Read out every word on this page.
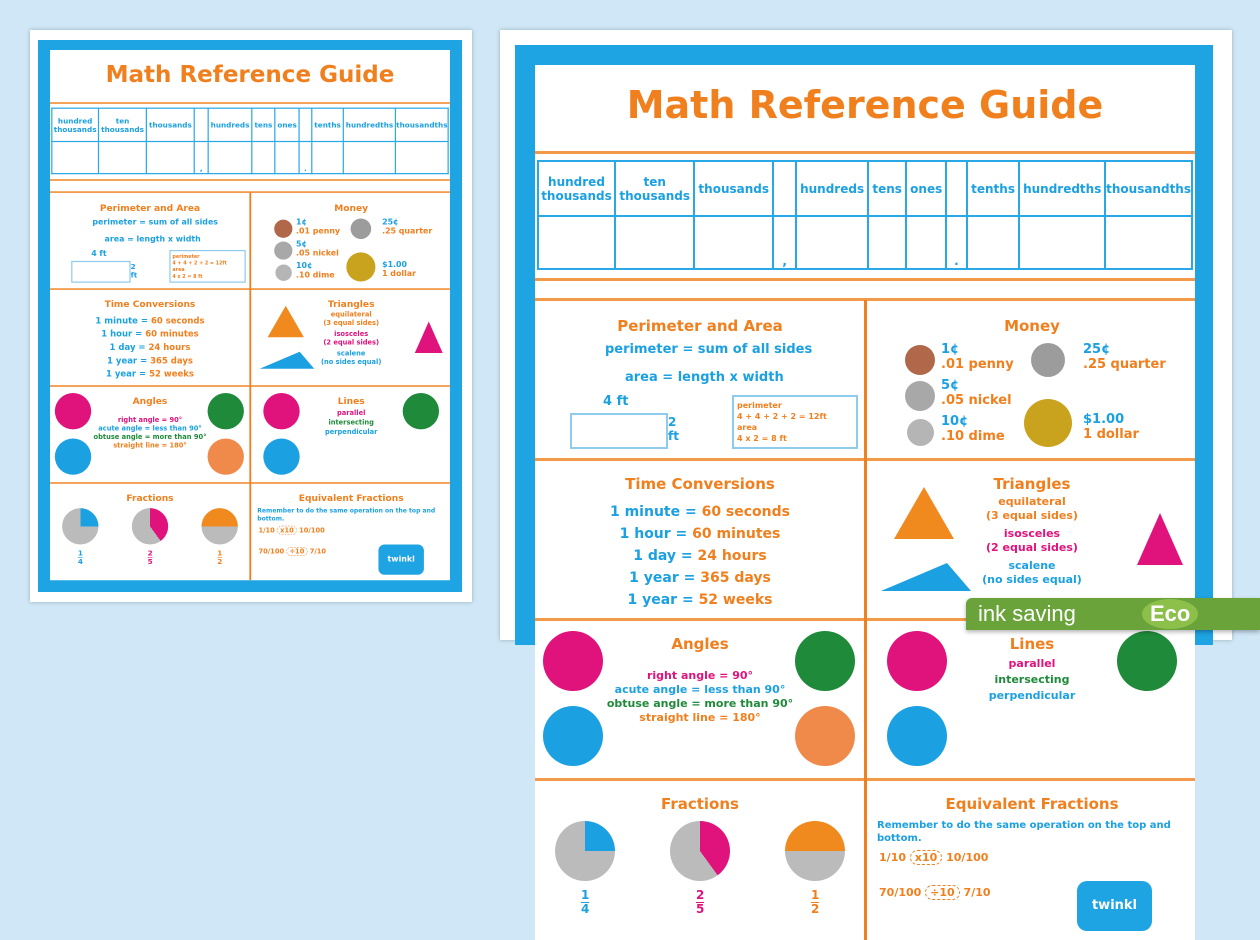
Math Reference Guide
hundred thousands	ten thousands	thousands		hundreds	tens	ones		tenths	hundredths	thousandths
			,				.			
Perimeter and Area
perimeter = sum of all sides
area = length x width
4 ft
2 ft
perimeter
4 + 4 + 2 + 2 = 12ft
area
4 x 2 = 8 ft
Money
1¢
.01 penny
5¢
.05 nickel
10¢
.10 dime
25¢
.25 quarter
$1.00
1 dollar
Time Conversions
1 minute = 60 seconds
1 hour = 60 minutes
1 day = 24 hours
1 year = 365 days
1 year = 52 weeks
Triangles
equilateral
(3 equal sides)
isosceles
(2 equal sides)
scalene
(no sides equal)
Angles
right angle = 90°
acute angle = less than 90°
obtuse angle = more than 90°
straight line = 180°
Lines
parallel
intersecting
perpendicular
Fractions
$\frac{1}{4}$	$\frac{2}{5}$	$\frac{1}{2}$
Equivalent Fractions
Remember to do the same operation on the top and bottom.
1/10 x10 10/100
70/100 ÷10 7/10
twinkl
Math Reference Guide
hundred thousands	ten thousands	thousands		hundreds	tens	ones		tenths	hundredths	thousandths
			,				.			
Perimeter and Area
perimeter = sum of all sides
area = length x width
4 ft
2 ft
perimeter
4 + 4 + 2 + 2 = 12ft
area
4 x 2 = 8 ft
Money
1¢
.01 penny
5¢
.05 nickel
10¢
.10 dime
25¢
.25 quarter
$1.00
1 dollar
Time Conversions
1 minute = 60 seconds
1 hour = 60 minutes
1 day = 24 hours
1 year = 365 days
1 year = 52 weeks
Triangles
equilateral
(3 equal sides)
isosceles
(2 equal sides)
scalene
(no sides equal)
Angles
right angle = 90°
acute angle = less than 90°
obtuse angle = more than 90°
straight line = 180°
Lines
parallel
intersecting
perpendicular
Fractions
$\frac{1}{4}$	$\frac{2}{5}$	$\frac{1}{2}$
Equivalent Fractions
Remember to do the same operation on the top and bottom.
1/10 x10 10/100
70/100 ÷10 7/10
twinkl
ink saving	Eco
